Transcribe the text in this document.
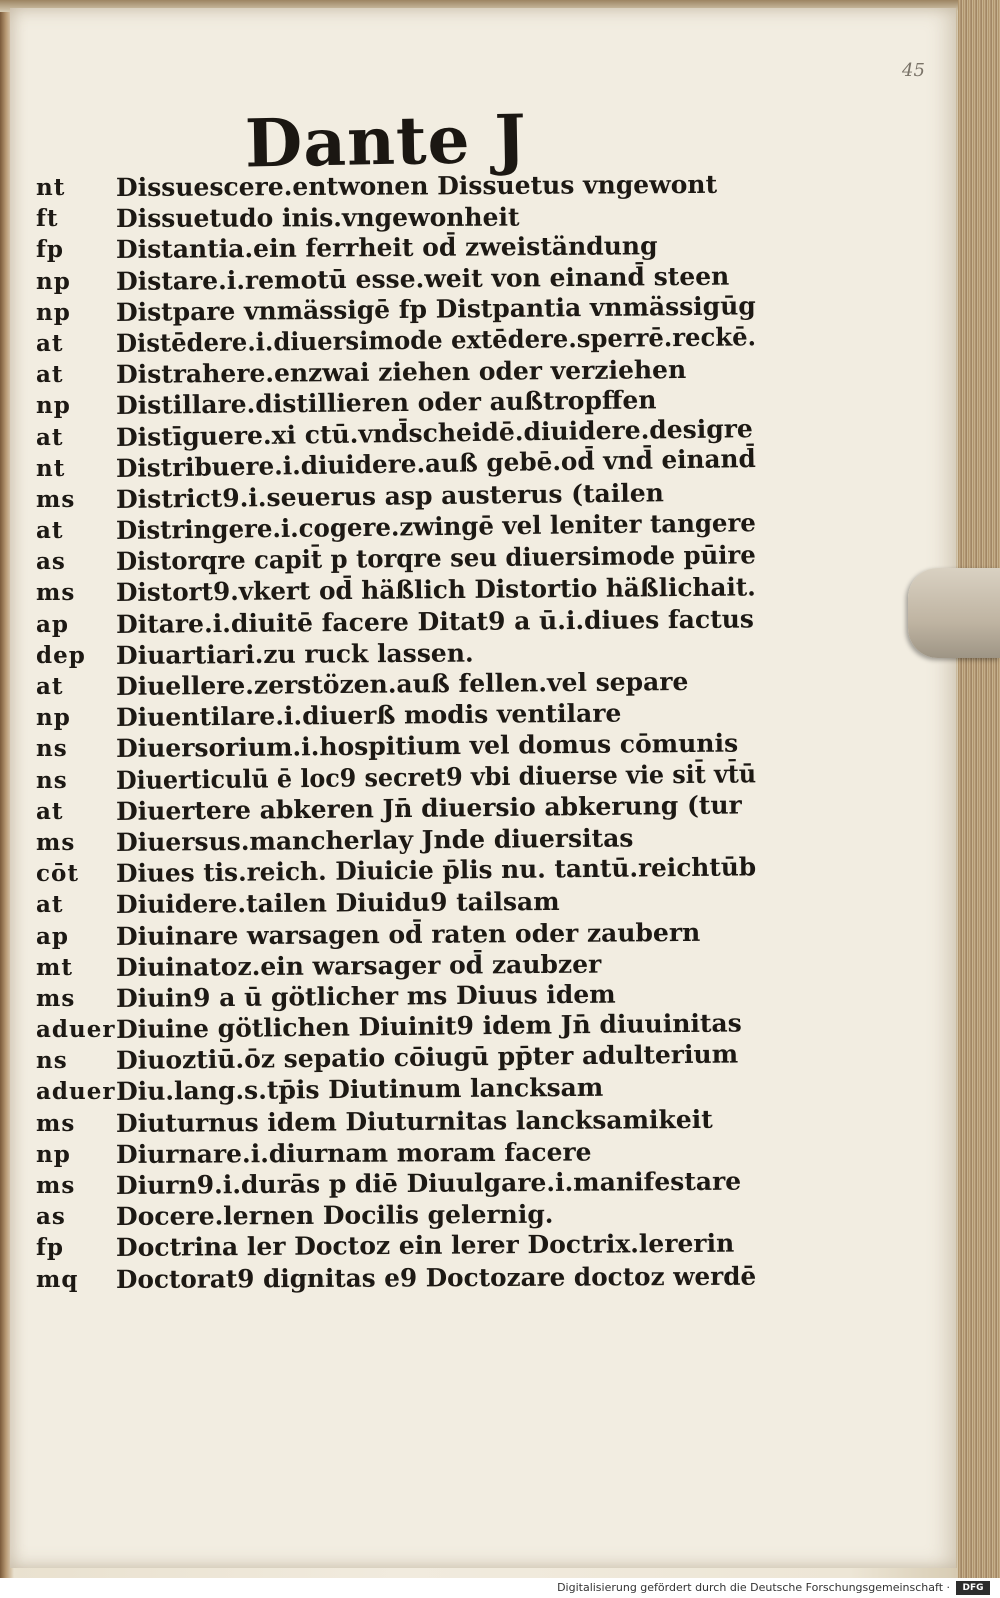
45
Dante J
nt	Dissuescere.entwonen Dissuetus vngewont
ft	Dissuetudo inis.vngewonheit
fp	Distantia.ein ferrheit od̄ zweiständung
np	Distare.i.remotū esse.weit von einand̄ steen
np	Distpare vnmässigē fp Distpantia vnmässigūg
at	Distēdere.i.diuersimode extēdere.sperrē.reckē.
at	Distrahere.enzwai ziehen oder verziehen
np	Distillare.distillieren oder außtropffen
at	Distīguere.xi ctū.vnd̄scheidē.diuidere.desigre
nt	Distribuere.i.diuidere.auß gebē.od̄ vnd̄ einand̄
ms	District9.i.seuerus asp austerus (tailen
at	Distringere.i.cogere.zwingē vel leniter tangere
as	Distorqre capit̄ p torqre seu diuersimode pūire
ms	Distort9.vkert od̄ häßlich Distortio häßlichait.
ap	Ditare.i.diuitē facere Ditat9 a ū.i.diues factus
dep	Diuartiari.zu ruck lassen.
at	Diuellere.zerstözen.auß fellen.vel separe
np	Diuentilare.i.diuerß modis ventilare
ns	Diuersorium.i.hospitium vel domus cōmunis
ns	Diuerticulū ē loc9 secret9 vbi diuerse vie sit̄ vt̄ū
at	Diuertere abkeren Jn̄ diuersio abkerung (tur
ms	Diuersus.mancherlay Jnde diuersitas
cōt	Diues tis.reich. Diuicie p̄lis nu. tantū.reichtūb
at	Diuidere.tailen Diuidu9 tailsam
ap	Diuinare warsagen od̄ raten oder zaubern
mt	Diuinatoz.ein warsager od̄ zaubzer
ms	Diuin9 a ū götlicher ms Diuus idem
aduer Diuine götlichen Diuinit9 idem Jn̄ diuuinitas
ns	Diuoztiū.ōz sepatio cōiugū pp̄ter adulterium
aduer Diu.lang.s.tp̄is Diutinum lancksam
ms	Diuturnus idem Diuturnitas lancksamikeit
np	Diurnare.i.diurnam moram facere
ms	Diurn9.i.durās p diē Diuulgare.i.manifestare
as	Docere.lernen Docilis gelernig.
fp	Doctrina ler Doctoz ein lerer Doctrix.lererin
mq	Doctorat9 dignitas e9 Doctozare doctoz werdē
Digitalisierung gefördert durch die Deutsche Forschungsgemeinschaft ·	DFG
